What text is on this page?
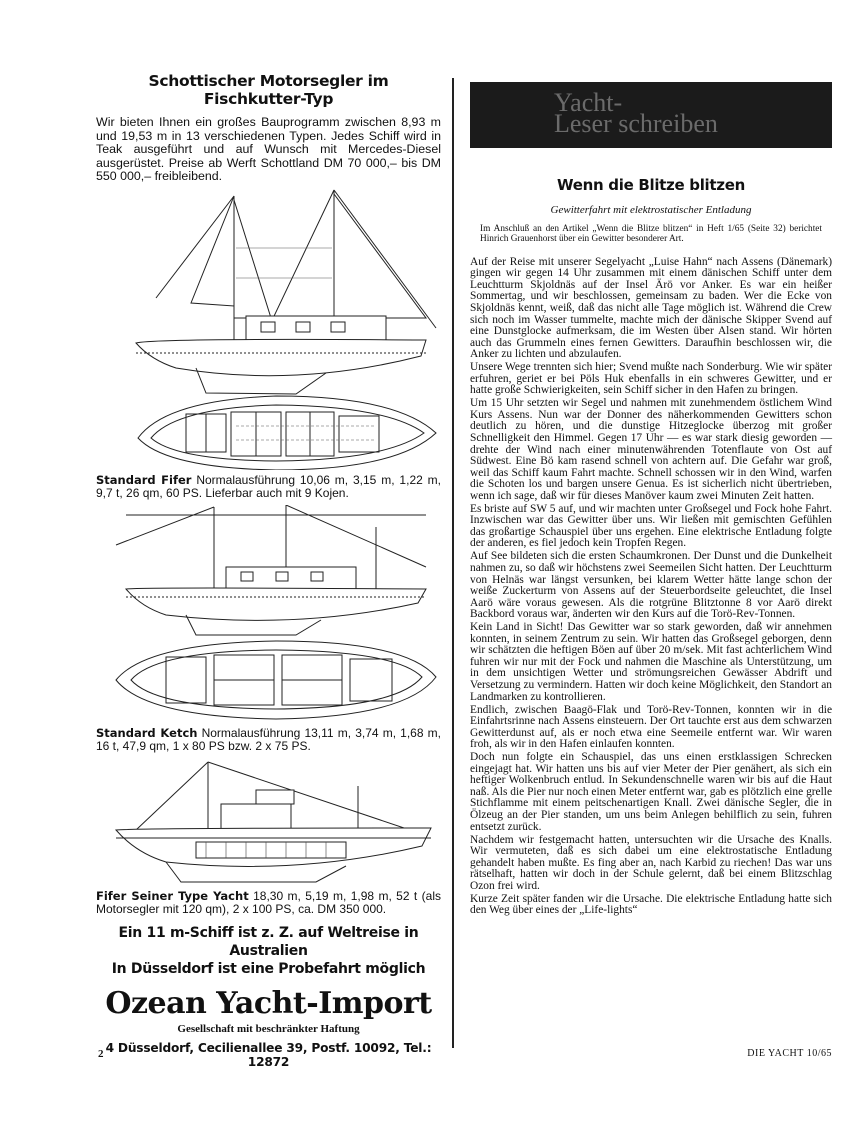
Schottischer Motorsegler im Fischkutter-Typ

Wir bieten Ihnen ein großes Bauprogramm zwischen 8,93 m und 19,53 m in 13 verschiedenen Typen. Jedes Schiff wird in Teak ausgeführt und auf Wunsch mit Mercedes-Diesel ausgerüstet. Preise ab Werft Schottland DM 70 000,– bis DM 550 000,– freibleibend.

Standard Fifer Normalausführung 10,06 m, 3,15 m, 1,22 m, 9,7 t, 26 qm, 60 PS. Lieferbar auch mit 9 Kojen.

Standard Ketch Normalausführung 13,11 m, 3,74 m, 1,68 m, 16 t, 47,9 qm, 1 x 80 PS bzw. 2 x 75 PS.

Fifer Seiner Type Yacht 18,30 m, 5,19 m, 1,98 m, 52 t (als Motorsegler mit 120 qm), 2 x 100 PS, ca. DM 350 000.

Ein 11 m-Schiff ist z. Z. auf Weltreise in Australien

In Düsseldorf ist eine Probefahrt möglich

Ozean Yacht-Import
Gesellschaft mit beschränkter Haftung

4 Düsseldorf, Cecilienallee 39, Postf. 10092, Tel.: 12872

2
Yacht-
Leser schreiben
Wenn die Blitze blitzen
Gewitterfahrt mit elektrostatischer Entladung

Im Anschluß an den Artikel „Wenn die Blitze blitzen“ in Heft 1/65 (Seite 32) berichtet Hinrich Grauenhorst über ein Gewitter besonderer Art.

Auf der Reise mit unserer Segelyacht „Luise Hahn“ nach Assens (Dänemark) gingen wir gegen 14 Uhr zusammen mit einem dänischen Schiff unter dem Leuchtturm Skjoldnäs auf der Insel Ärö vor Anker. Es war ein heißer Sommertag, und wir beschlossen, gemeinsam zu baden. Wer die Ecke von Skjoldnäs kennt, weiß, daß das nicht alle Tage möglich ist. Während die Crew sich noch im Wasser tummelte, machte mich der dänische Skipper Svend auf eine Dunstglocke aufmerksam, die im Westen über Alsen stand. Wir hörten auch das Grummeln eines fernen Gewitters. Daraufhin beschlossen wir, die Anker zu lichten und abzulaufen.

Unsere Wege trennten sich hier; Svend mußte nach Sonderburg. Wie wir später erfuhren, geriet er bei Pöls Huk ebenfalls in ein schweres Gewitter, und er hatte große Schwierigkeiten, sein Schiff sicher in den Hafen zu bringen.

Um 15 Uhr setzten wir Segel und nahmen mit zunehmendem östlichem Wind Kurs Assens. Nun war der Donner des näherkommenden Gewitters schon deutlich zu hören, und die dunstige Hitzeglocke überzog mit großer Schnelligkeit den Himmel. Gegen 17 Uhr — es war stark diesig geworden — drehte der Wind nach einer minutenwährenden Totenflaute von Ost auf Südwest. Eine Bö kam rasend schnell von achtern auf. Die Gefahr war groß, weil das Schiff kaum Fahrt machte. Schnell schossen wir in den Wind, warfen die Schoten los und bargen unsere Genua. Es ist sicherlich nicht übertrieben, wenn ich sage, daß wir für dieses Manöver kaum zwei Minuten Zeit hatten.

Es briste auf SW 5 auf, und wir machten unter Großsegel und Fock hohe Fahrt. Inzwischen war das Gewitter über uns. Wir ließen mit gemischten Gefühlen das großartige Schauspiel über uns ergehen. Eine elektrische Entladung folgte der anderen, es fiel jedoch kein Tropfen Regen.

Auf See bildeten sich die ersten Schaumkronen. Der Dunst und die Dunkelheit nahmen zu, so daß wir höchstens zwei Seemeilen Sicht hatten. Der Leuchtturm von Helnäs war längst versunken, bei klarem Wetter hätte lange schon der weiße Zuckerturm von Assens auf der Steuerbordseite geleuchtet, die Insel Aarö wäre voraus gewesen. Als die rotgrüne Blitztonne 8 vor Aarö direkt Backbord voraus war, änderten wir den Kurs auf die Torö-Rev-Tonnen.

Kein Land in Sicht! Das Gewitter war so stark geworden, daß wir annehmen konnten, in seinem Zentrum zu sein. Wir hatten das Großsegel geborgen, denn wir schätzten die heftigen Böen auf über 20 m/sek. Mit fast achterlichem Wind fuhren wir nur mit der Fock und nahmen die Maschine als Unterstützung, um in dem unsichtigen Wetter und strömungsreichen Gewässer Abdrift und Versetzung zu vermindern. Hatten wir doch keine Möglichkeit, den Standort an Landmarken zu kontrollieren.

Endlich, zwischen Baagö-Flak und Torö-Rev-Tonnen, konnten wir in die Einfahrtsrinne nach Assens einsteuern. Der Ort tauchte erst aus dem schwarzen Gewitterdunst auf, als er noch etwa eine Seemeile entfernt war. Wir waren froh, als wir in den Hafen einlaufen konnten.

Doch nun folgte ein Schauspiel, das uns einen erstklassigen Schrecken eingejagt hat. Wir hatten uns bis auf vier Meter der Pier genähert, als sich ein heftiger Wolkenbruch entlud. In Sekundenschnelle waren wir bis auf die Haut naß. Als die Pier nur noch einen Meter entfernt war, gab es plötzlich eine grelle Stichflamme mit einem peitschenartigen Knall. Zwei dänische Segler, die in Ölzeug an der Pier standen, um uns beim Anlegen behilflich zu sein, fuhren entsetzt zurück.

Nachdem wir festgemacht hatten, untersuchten wir die Ursache des Knalls. Wir vermuteten, daß es sich dabei um eine elektrostatische Entladung gehandelt haben mußte. Es fing aber an, nach Karbid zu riechen! Das war uns rätselhaft, hatten wir doch in der Schule gelernt, daß bei einem Blitzschlag Ozon frei wird.

Kurze Zeit später fanden wir die Ursache. Die elektrische Entladung hatte sich den Weg über eines der „Life-lights“

DIE YACHT 10/65
